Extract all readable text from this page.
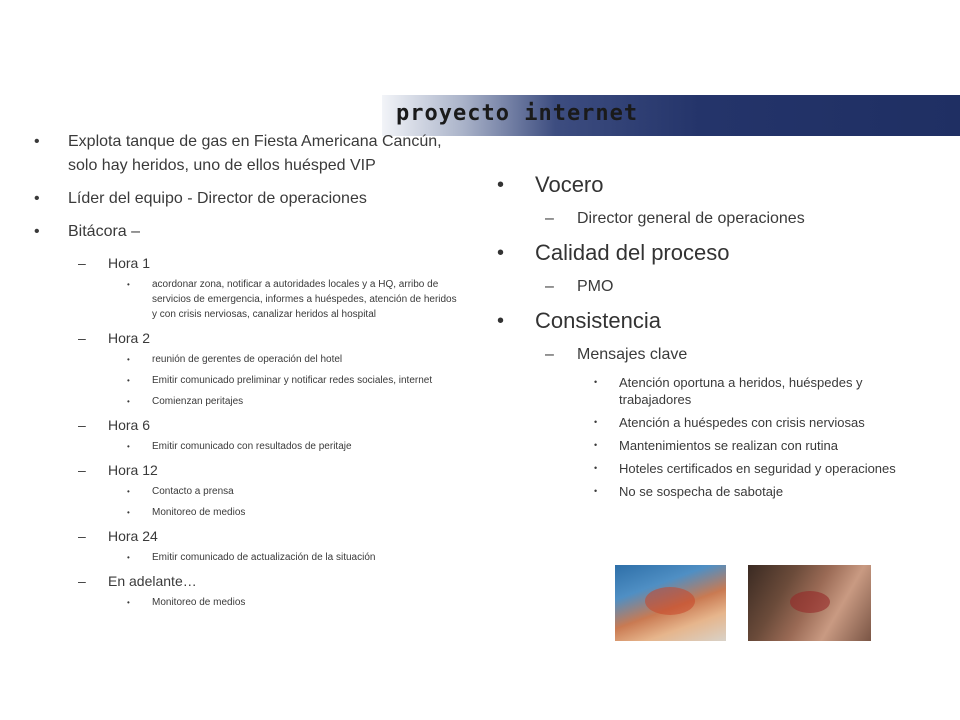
proyecto internet
• Explota tanque de gas en Fiesta Americana Cancún, solo hay heridos, uno de ellos huésped VIP
• Líder del equipo - Director de operaciones
• Bitácora –
– Hora 1
• acordonar zona, notificar a autoridades locales y a HQ, arribo de servicios de emergencia, informes a huéspedes, atención de heridos y con crisis nerviosas, canalizar heridos al hospital
– Hora 2
• reunión de gerentes de operación del hotel
• Emitir comunicado preliminar y notificar redes sociales, internet
• Comienzan peritajes
– Hora 6
• Emitir comunicado con resultados de peritaje
– Hora 12
• Contacto a prensa
• Monitoreo de medios
– Hora 24
• Emitir comunicado de actualización de la situación
– En adelante…
• Monitoreo de medios
• Vocero
– Director general de operaciones
• Calidad del proceso
– PMO
• Consistencia
– Mensajes clave
• Atención oportuna a heridos, huéspedes y trabajadores
• Atención a huéspedes con crisis nerviosas
• Mantenimientos se realizan con rutina
• Hoteles certificados en seguridad y operaciones
• No se sospecha de sabotaje
